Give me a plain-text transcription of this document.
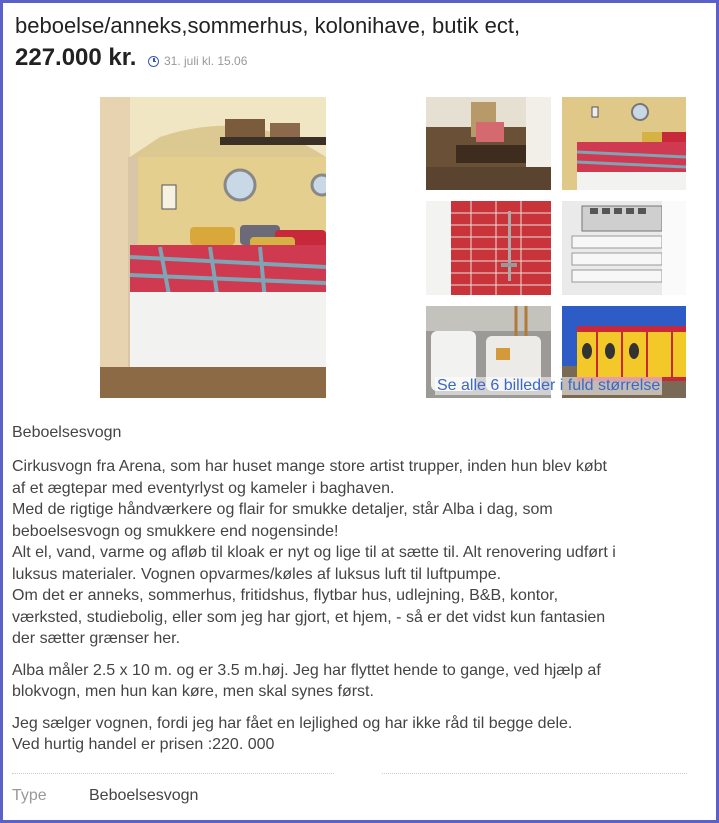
beboelse/anneks,sommerhus, kolonihave, butik ect,
227.000 kr. 31. juli kl. 15.06
Se alle 6 billeder i fuld størrelse
Beboelsesvogn

Cirkusvogn fra Arena, som har huset mange store artist trupper, inden hun blev købt
af et ægtepar med eventyrlyst og kameler i baghaven.
Med de rigtige håndværkere og flair for smukke detaljer, står Alba i dag, som
beboelsesvogn og smukkere end nogensinde!
Alt el, vand, varme og afløb til kloak er nyt og lige til at sætte til. Alt renovering udført i
luksus materialer. Vognen opvarmes/køles af luksus luft til luftpumpe.
Om det er anneks, sommerhus, fritidshus, flytbar hus, udlejning, B&B, kontor,
værksted, studiebolig, eller som jeg har gjort, et hjem, - så er det vidst kun fantasien
der sætter grænser her.

Alba måler 2.5 x 10 m. og er 3.5 m.høj. Jeg har flyttet hende to gange, ved hjælp af
blokvogn, men hun kan køre, men skal synes først.

Jeg sælger vognen, fordi jeg har fået en lejlighed og har ikke råd til begge dele.
Ved hurtig handel er prisen :220. 000

Type	Beboelsesvogn
